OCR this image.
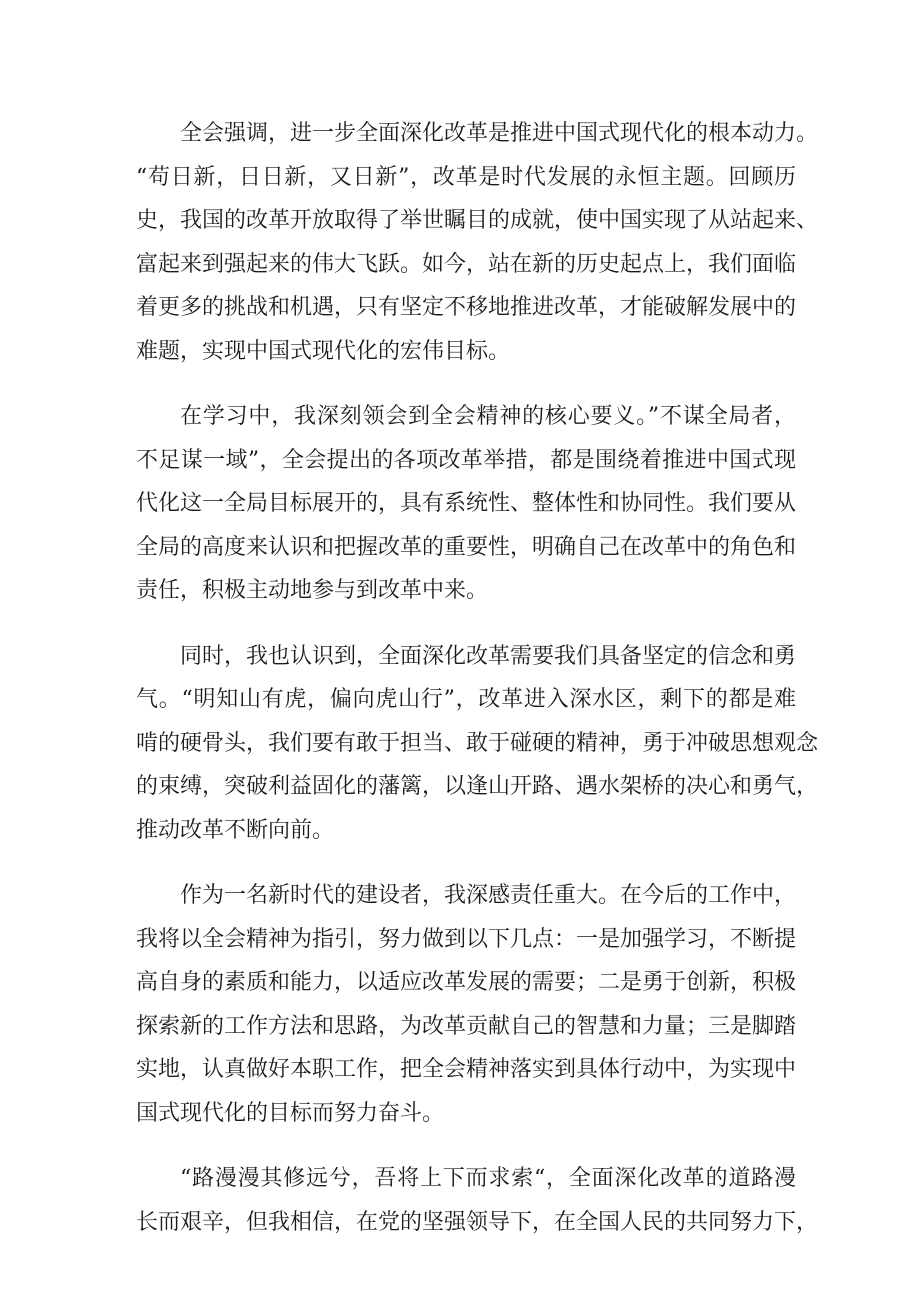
全会强调，进一步全面深化改革是推进中国式现代化的根本动力。
“苟日新，日日新，又日新”，改革是时代发展的永恒主题。回顾历
史，我国的改革开放取得了举世瞩目的成就，使中国实现了从站起来、
富起来到强起来的伟大飞跃。如今，站在新的历史起点上，我们面临
着更多的挑战和机遇，只有坚定不移地推进改革，才能破解发展中的
难题，实现中国式现代化的宏伟目标。

在学习中，我深刻领会到全会精神的核心要义。”不谋全局者，
不足谋一域”，全会提出的各项改革举措，都是围绕着推进中国式现
代化这一全局目标展开的，具有系统性、整体性和协同性。我们要从
全局的高度来认识和把握改革的重要性，明确自己在改革中的角色和
责任，积极主动地参与到改革中来。

同时，我也认识到，全面深化改革需要我们具备坚定的信念和勇
气。“明知山有虎，偏向虎山行”，改革进入深水区，剩下的都是难
啃的硬骨头，我们要有敢于担当、敢于碰硬的精神，勇于冲破思想观念
的束缚，突破利益固化的藩篱，以逢山开路、遇水架桥的决心和勇气，
推动改革不断向前。

作为一名新时代的建设者，我深感责任重大。在今后的工作中，
我将以全会精神为指引，努力做到以下几点：一是加强学习，不断提
高自身的素质和能力，以适应改革发展的需要；二是勇于创新，积极
探索新的工作方法和思路，为改革贡献自己的智慧和力量；三是脚踏
实地，认真做好本职工作，把全会精神落实到具体行动中，为实现中
国式现代化的目标而努力奋斗。

“路漫漫其修远兮，吾将上下而求索“，全面深化改革的道路漫
长而艰辛，但我相信，在党的坚强领导下，在全国人民的共同努力下，
